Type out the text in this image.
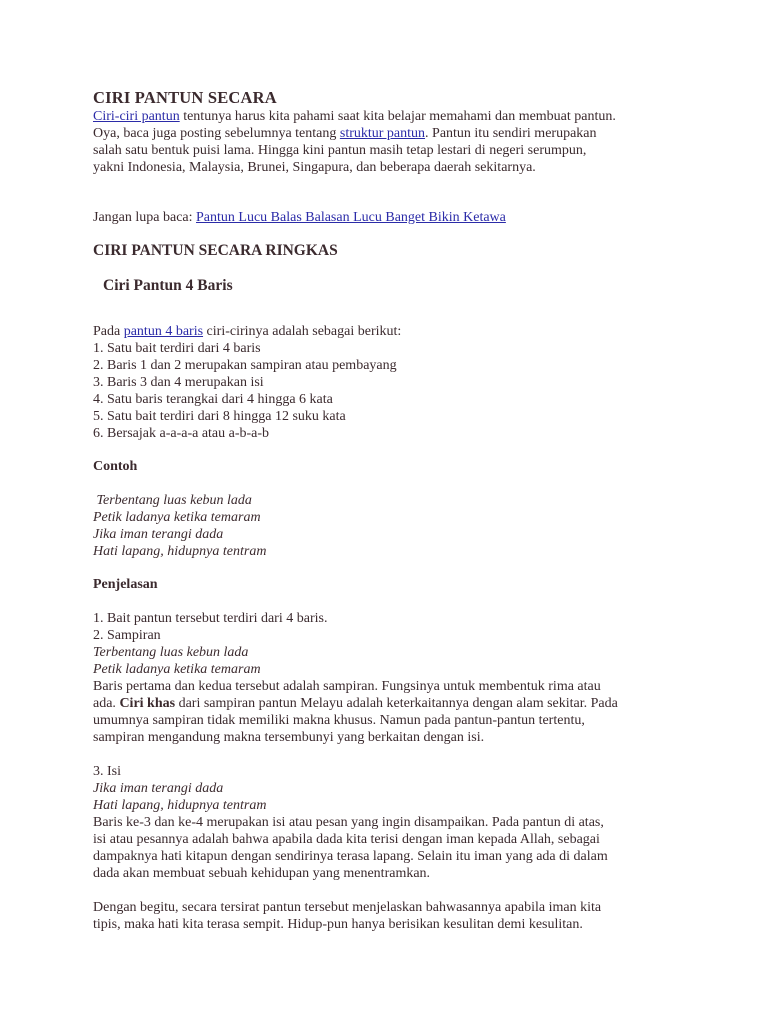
CIRI PANTUN SECARA

Ciri-ciri pantun tentunya harus kita pahami saat kita belajar memahami dan membuat pantun.
Oya, baca juga posting sebelumnya tentang struktur pantun. Pantun itu sendiri merupakan
salah satu bentuk puisi lama. Hingga kini pantun masih tetap lestari di negeri serumpun,
yakni Indonesia, Malaysia, Brunei, Singapura, dan beberapa daerah sekitarnya.

Jangan lupa baca: Pantun Lucu Balas Balasan Lucu Banget Bikin Ketawa

CIRI PANTUN SECARA RINGKAS
Ciri Pantun 4 Baris

Pada pantun 4 baris ciri-cirinya adalah sebagai berikut:

1. Satu bait terdiri dari 4 baris
2. Baris 1 dan 2 merupakan sampiran atau pembayang
3. Baris 3 dan 4 merupakan isi
4. Satu baris terangkai dari 4 hingga 6 kata
5. Satu bait terdiri dari 8 hingga 12 suku kata
6. Bersajak a-a-a-a atau a-b-a-b
Contoh
Terbentang luas kebun lada
Petik ladanya ketika temaram
Jika iman terangi dada
Hati lapang, hidupnya tentram
Penjelasan
1. Bait pantun tersebut terdiri dari 4 baris.
2. Sampiran
Terbentang luas kebun lada
Petik ladanya ketika temaram
Baris pertama dan kedua tersebut adalah sampiran. Fungsinya untuk membentuk rima atau
ada. Ciri khas dari sampiran pantun Melayu adalah keterkaitannya dengan alam sekitar. Pada
umumnya sampiran tidak memiliki makna khusus. Namun pada pantun-pantun tertentu,
sampiran mengandung makna tersembunyi yang berkaitan dengan isi.
3. Isi
Jika iman terangi dada
Hati lapang, hidupnya tentram
Baris ke-3 dan ke-4 merupakan isi atau pesan yang ingin disampaikan. Pada pantun di atas,
isi atau pesannya adalah bahwa apabila dada kita terisi dengan iman kepada Allah, sebagai
dampaknya hati kitapun dengan sendirinya terasa lapang. Selain itu iman yang ada di dalam
dada akan membuat sebuah kehidupan yang menentramkan.
Dengan begitu, secara tersirat pantun tersebut menjelaskan bahwasannya apabila iman kita
tipis, maka hati kita terasa sempit. Hidup-pun hanya berisikan kesulitan demi kesulitan.
